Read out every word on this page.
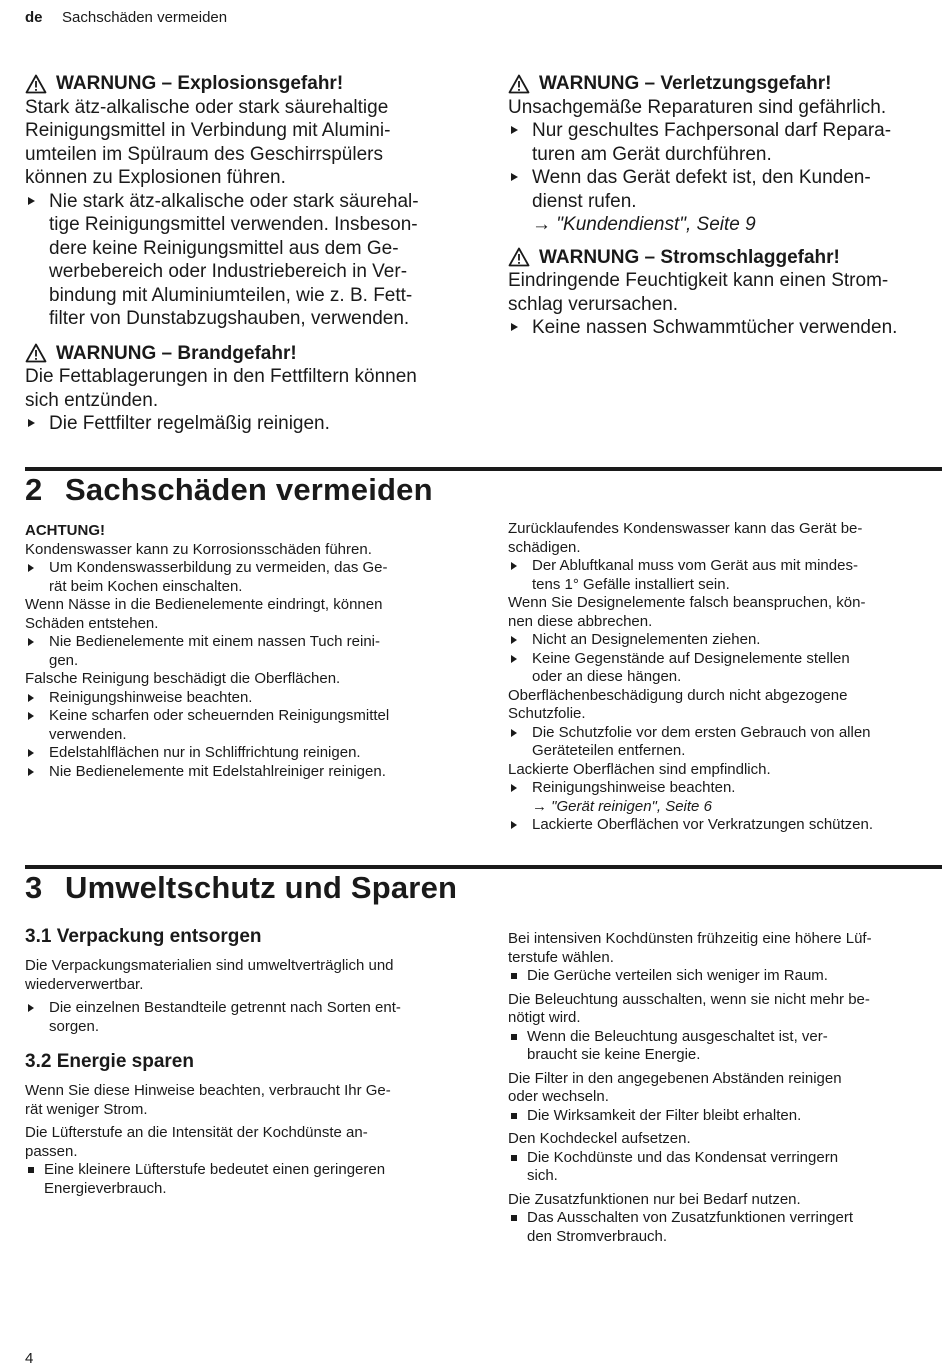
de Sachschäden vermeiden
WARNUNG – Explosionsgefahr!

Stark ätz-alkalische oder stark säurehaltige

Reinigungsmittel in Verbindung mit Alumini-

umteilen im Spülraum des Geschirrspülers

können zu Explosionen führen.

Nie stark ätz-alkalische oder stark säurehal-
tige Reinigungsmittel verwenden. Insbeson-
dere keine Reinigungsmittel aus dem Ge-
werbebereich oder Industriebereich in Ver-
bindung mit Aluminiumteilen, wie z. B. Fett-
filter von Dunstabzugshauben, verwenden.
WARNUNG – Brandgefahr!

Die Fettablagerungen in den Fettfiltern können

sich entzünden.

Die Fettfilter regelmäßig reinigen.
WARNUNG – Verletzungsgefahr!

Unsachgemäße Reparaturen sind gefährlich.

Nur geschultes Fachpersonal darf Repara-
turen am Gerät durchführen.
Wenn das Gerät defekt ist, den Kunden-
dienst rufen.
→ "Kundendienst", Seite 9
WARNUNG – Stromschlaggefahr!

Eindringende Feuchtigkeit kann einen Strom-

schlag verursachen.

Keine nassen Schwammtücher verwenden.
2 Sachschäden vermeiden

ACHTUNG!

Kondenswasser kann zu Korrosionsschäden führen.

Um Kondenswasserbildung zu vermeiden, das Ge-
rät beim Kochen einschalten.

Wenn Nässe in die Bedienelemente eindringt, können

Schäden entstehen.

Nie Bedienelemente mit einem nassen Tuch reini-
gen.

Falsche Reinigung beschädigt die Oberflächen.

Reinigungshinweise beachten.
Keine scharfen oder scheuernden Reinigungsmittel
verwenden.
Edelstahlflächen nur in Schliffrichtung reinigen.
Nie Bedienelemente mit Edelstahlreiniger reinigen.

Zurücklaufendes Kondenswasser kann das Gerät be-

schädigen.

Der Abluftkanal muss vom Gerät aus mit mindes-
tens 1° Gefälle installiert sein.

Wenn Sie Designelemente falsch beanspruchen, kön-

nen diese abbrechen.

Nicht an Designelementen ziehen.
Keine Gegenstände auf Designelemente stellen
oder an diese hängen.

Oberflächenbeschädigung durch nicht abgezogene

Schutzfolie.

Die Schutzfolie vor dem ersten Gebrauch von allen
Geräteteilen entfernen.

Lackierte Oberflächen sind empfindlich.

Reinigungshinweise beachten.
→ "Gerät reinigen", Seite 6
Lackierte Oberflächen vor Verkratzungen schützen.
3 Umweltschutz und Sparen
3.1 Verpackung entsorgen

Die Verpackungsmaterialien sind umweltverträglich und

wiederverwertbar.

Die einzelnen Bestandteile getrennt nach Sorten ent-
sorgen.
3.2 Energie sparen

Wenn Sie diese Hinweise beachten, verbraucht Ihr Ge-

rät weniger Strom.

Die Lüfterstufe an die Intensität der Kochdünste an-

passen.

Eine kleinere Lüfterstufe bedeutet einen geringeren
Energieverbrauch.

Bei intensiven Kochdünsten frühzeitig eine höhere Lüf-

terstufe wählen.

Die Gerüche verteilen sich weniger im Raum.

Die Beleuchtung ausschalten, wenn sie nicht mehr be-

nötigt wird.

Wenn die Beleuchtung ausgeschaltet ist, ver-
braucht sie keine Energie.

Die Filter in den angegebenen Abständen reinigen

oder wechseln.

Die Wirksamkeit der Filter bleibt erhalten.

Den Kochdeckel aufsetzen.

Die Kochdünste und das Kondensat verringern
sich.

Die Zusatzfunktionen nur bei Bedarf nutzen.

Das Ausschalten von Zusatzfunktionen verringert
den Stromverbrauch.
4
